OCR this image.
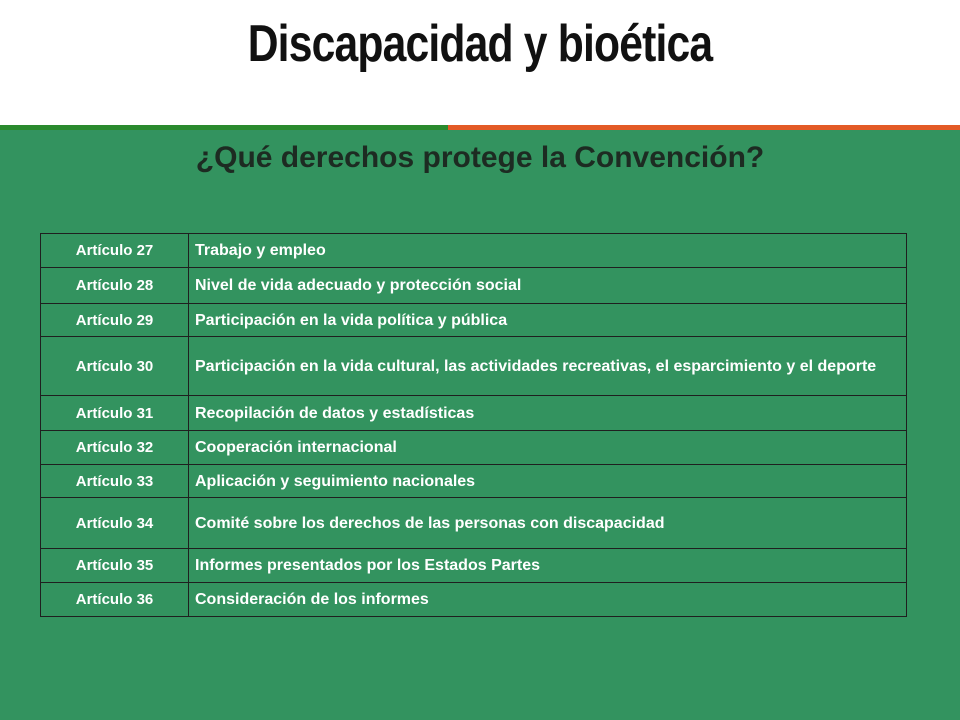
Discapacidad y bioética
¿Qué derechos protege la Convención?
Artículo 27	Trabajo y empleo
Artículo 28	Nivel de vida adecuado y protección social
Artículo 29	Participación en la vida política y pública
Artículo 30	Participación en la vida cultural, las actividades recreativas, el esparcimiento y el deporte
Artículo 31	Recopilación de datos y estadísticas
Artículo 32	Cooperación internacional
Artículo 33	Aplicación y seguimiento nacionales
Artículo 34	Comité sobre los derechos de las personas con discapacidad
Artículo 35	Informes presentados por los Estados Partes
Artículo 36	Consideración de los informes
